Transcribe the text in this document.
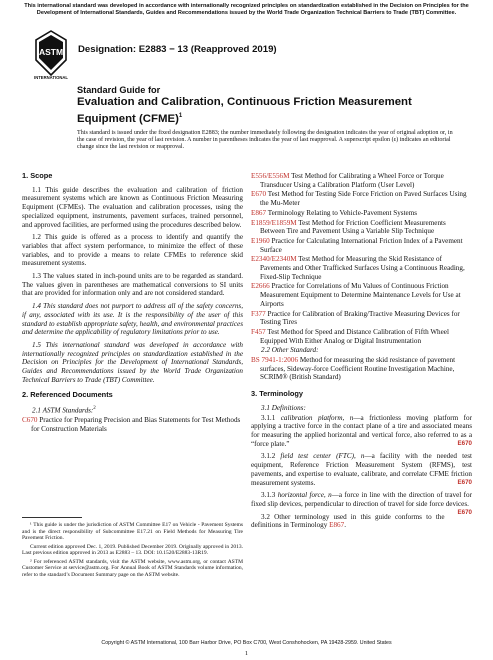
This international standard was developed in accordance with internationally recognized principles on standardization established in the Decision on Principles for the Development of International Standards, Guides and Recommendations issued by the World Trade Organization Technical Barriers to Trade (TBT) Committee.
ASTM
INTERNATIONAL
Designation: E2883 − 13 (Reapproved 2019)
Standard Guide for
Evaluation and Calibration, Continuous Friction Measurement Equipment (CFME)$^1$
This standard is issued under the fixed designation E2883; the number immediately following the designation indicates the year of original adoption or, in the case of revision, the year of last revision. A number in parentheses indicates the year of last reapproval. A superscript epsilon (ε) indicates an editorial change since the last revision or reapproval.
1. Scope

1.1 This guide describes the evaluation and calibration of friction measurement systems which are known as Continuous Friction Measuring Equipment (CFMEs). The evaluation and calibration processes, using the specialized equipment, instruments, pavement surfaces, trained personnel, and approved facilities, are performed using the procedures described below.

1.2 This guide is offered as a process to identify and quantify the variables that affect system performance, to minimize the effect of these variables, and to provide a means to relate CFMEs to reference skid measurement systems.

1.3 The values stated in inch-pound units are to be regarded as standard. The values given in parentheses are mathematical conversions to SI units that are provided for information only and are not considered standard.

1.4 This standard does not purport to address all of the safety concerns, if any, associated with its use. It is the responsibility of the user of this standard to establish appropriate safety, health, and environmental practices and determine the applicability of regulatory limitations prior to use.

1.5 This international standard was developed in accordance with internationally recognized principles on standardization established in the Decision on Principles for the Development of International Standards, Guides and Recommendations issued by the World Trade Organization Technical Barriers to Trade (TBT) Committee.

2. Referenced Documents
2.1 ASTM Standards:$^2$
C670 Practice for Preparing Precision and Bias Statements for Test Methods for Construction Materials
E556/E556M Test Method for Calibrating a Wheel Force or Torque Transducer Using a Calibration Platform (User Level)
E670 Test Method for Testing Side Force Friction on Paved Surfaces Using the Mu-Meter
E867 Terminology Relating to Vehicle-Pavement Systems
E1859/E1859M Test Method for Friction Coefficient Measurements Between Tire and Pavement Using a Variable Slip Technique
E1960 Practice for Calculating International Friction Index of a Pavement Surface
E2340/E2340M Test Method for Measuring the Skid Resistance of Pavements and Other Trafficked Surfaces Using a Continuous Reading, Fixed-Slip Technique
E2666 Practice for Correlations of Mu Values of Continuous Friction Measurement Equipment to Determine Maintenance Levels for Use at Airports
F377 Practice for Calibration of Braking/Tractive Measuring Devices for Testing Tires
F457 Test Method for Speed and Distance Calibration of Fifth Wheel Equipped With Either Analog or Digital Instrumentation
2.2 Other Standard:
BS 7941-1:2006 Method for measuring the skid resistance of pavement surfaces, Sideway-force Coefficient Routine Investigation Machine, SCRIM® (British Standard)
3. Terminology
3.1 Definitions:

3.1.1 calibration platform, n—a frictionless moving platform for applying a tractive force in the contact plane of a tire and associated means for measuring the applied horizontal and vertical force, also referred to as a “force plate.”	E670

3.1.2 field test center (FTC), n—a facility with the needed test equipment, Reference Friction Measurement System (RFMS), test pavements, and expertise to evaluate, calibrate, and correlate CFME friction measurement systems.	E670

3.1.3 horizontal force, n—a force in line with the direction of travel for fixed slip devices, perpendicular to direction of travel for side force devices.
E670

3.2 Other terminology used in this guide conforms to the definitions in Terminology E867.

¹ This guide is under the jurisdiction of ASTM Committee E17 on Vehicle - Pavement Systems and is the direct responsibility of Subcommittee E17.21 on Field Methods for Measuring Tire Pavement Friction.

Current edition approved Dec. 1, 2019. Published December 2019. Originally approved in 2013. Last previous edition approved in 2013 as E2883 – 13. DOI: 10.1520/E2883-13R19.

² For referenced ASTM standards, visit the ASTM website, www.astm.org, or contact ASTM Customer Service at service@astm.org. For Annual Book of ASTM Standards volume information, refer to the standard’s Document Summary page on the ASTM website.

Copyright © ASTM International, 100 Barr Harbor Drive, PO Box C700, West Conshohocken, PA 19428-2959. United States
1
